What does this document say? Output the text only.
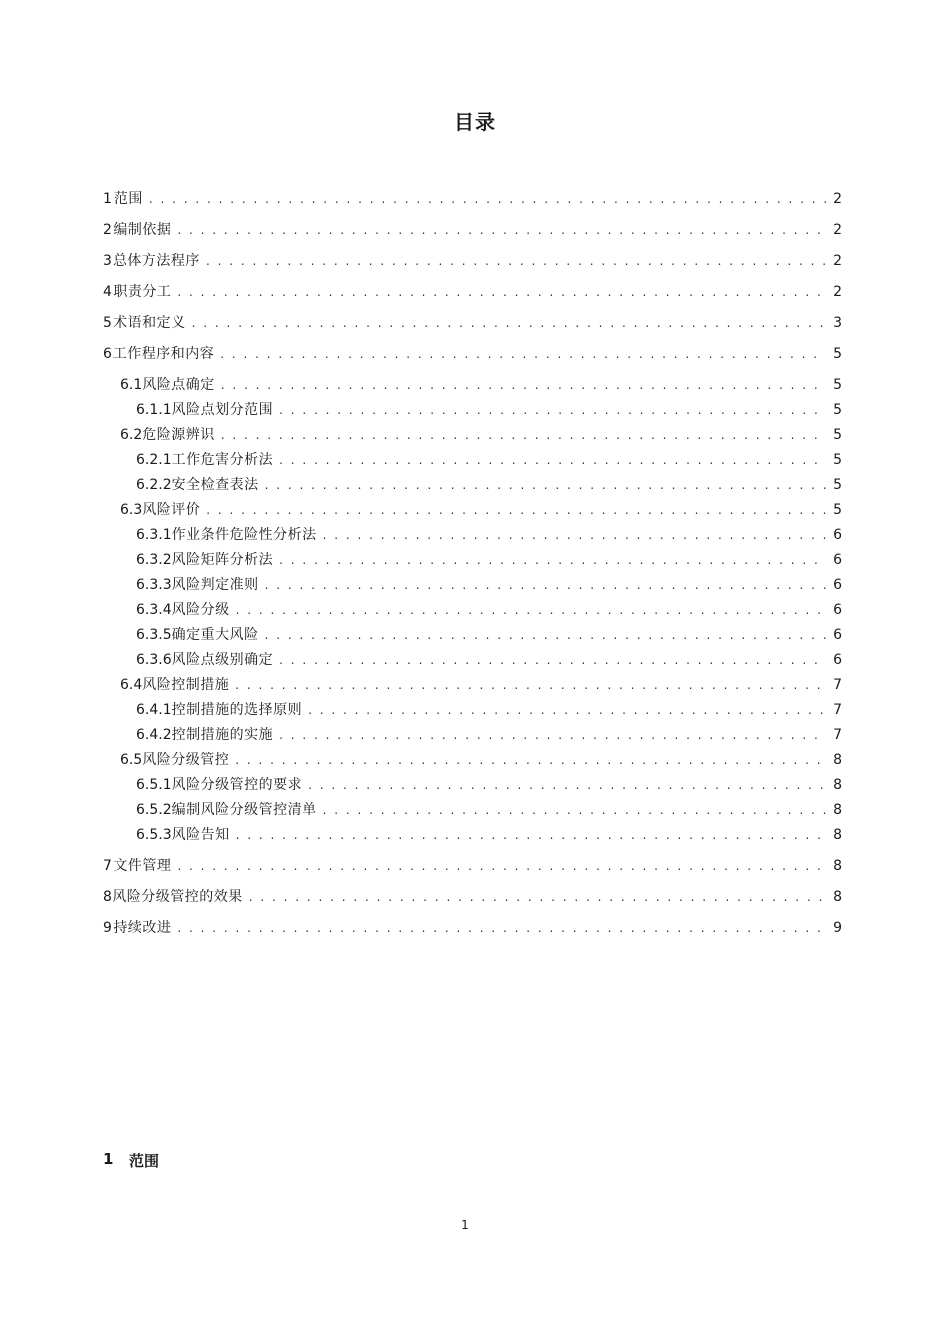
目录
1 范围 . . .	2
2 编制依据 . . .	2
3 总体方法程序 . . .	2
4 职责分工 . . .	2
5 术语和定义 . . .	3
6 工作程序和内容 . . .	5
6.1 风险点确定 . . .	5
6.1.1 风险点划分范围 . . .	5
6.2 危险源辨识 . . .	5
6.2.1 工作危害分析法 . . .	5
6.2.2 安全检查表法 . . .	5
6.3 风险评价 . . .	5
6.3.1 作业条件危险性分析法 . . .	6
6.3.2 风险矩阵分析法 . . .	6
6.3.3 风险判定准则 . . .	6
6.3.4 风险分级 . . .	6
6.3.5 确定重大风险 . . .	6
6.3.6 风险点级别确定 . . .	6
6.4 风险控制措施 . . .	7
6.4.1 控制措施的选择原则 . . .	7
6.4.2 控制措施的实施 . . .	7
6.5 风险分级管控 . . .	8
6.5.1 风险分级管控的要求 . . .	8
6.5.2 编制风险分级管控清单 . . .	8
6.5.3 风险告知 . . .	8
7 文件管理 . . .	8
8 风险分级管控的效果 . . .	8
9 持续改进 . . .	9
1	范围
1
